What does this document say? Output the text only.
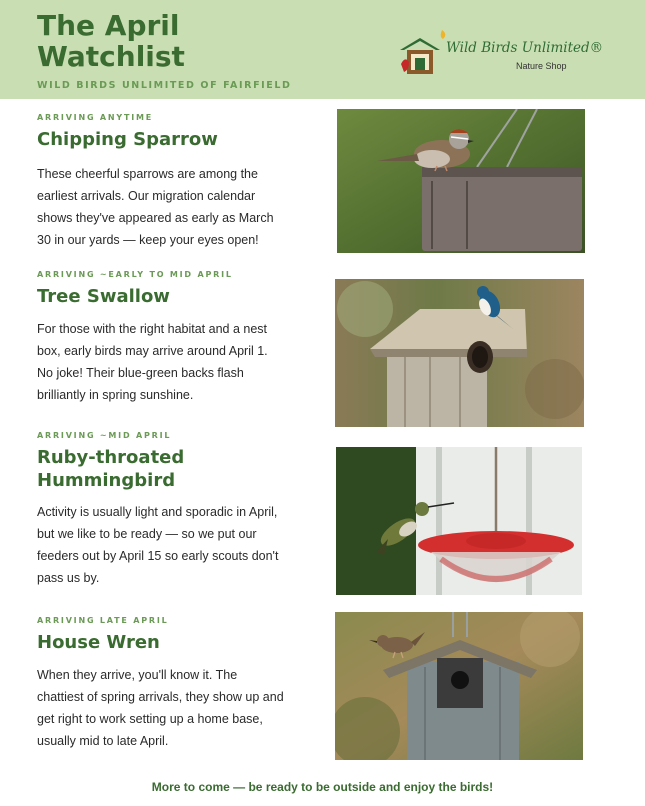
The April Watchlist
WILD BIRDS UNLIMITED OF FAIRFIELD
Wild Birds Unlimited®
Nature Shop
ARRIVING ANYTIME
Chipping Sparrow

These cheerful sparrows are among the earliest arrivals. Our migration calendar shows they've appeared as early as March 30 in our yards — keep your eyes open!

ARRIVING ~EARLY TO MID APRIL
Tree Swallow

For those with the right habitat and a nest box, early birds may arrive around April 1. No joke! Their blue-green backs flash brilliantly in spring sunshine.

ARRIVING ~MID APRIL
Ruby-throated Hummingbird

Activity is usually light and sporadic in April, but we like to be ready — so we put our feeders out by April 15 so early scouts don't pass us by.

ARRIVING LATE APRIL
House Wren

When they arrive, you'll know it. The chattiest of spring arrivals, they show up and get right to work setting up a home base, usually mid to late April.

More to come — be ready to be outside and enjoy the birds!
